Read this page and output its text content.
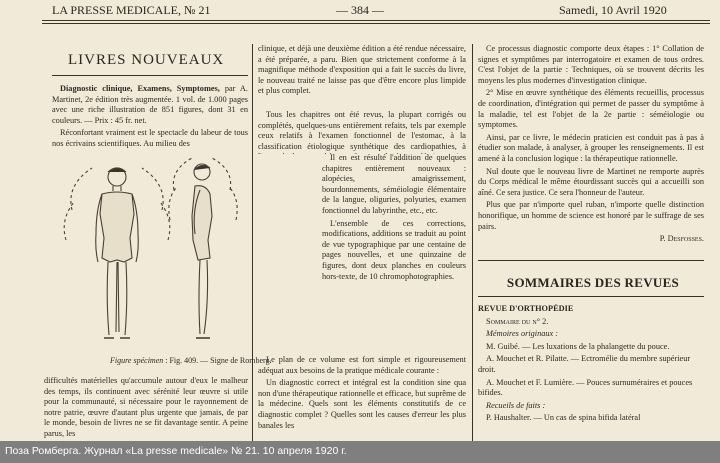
LA PRESSE MEDICALE, № 21	— 384 —	Samedi, 10 Avril 1920
LIVRES NOUVEAUX

Diagnostic clinique, Examens, Symptomes, par A. Martinet, 2e édition très augmentée. 1 vol. de 1.000 pages avec une riche illustration de 851 figures, dont 31 en couleurs. — Prix : 45 fr. net.

Réconfortant vraiment est le spectacle du labeur de tous nos écrivains scientifiques. Au milieu des

Figure spécimen : Fig. 409. — Signe de Romberg.
difficultés matérielles qu'accumule autour d'eux le malheur des temps, ils continuent avec sérénité leur œuvre si utile pour la communauté, si nécessaire pour le rayonnement de notre patrie, œuvre d'autant plus urgente que jamais, de par le monde, besoin de livres ne se fit davantage sentir. A peine parus, les

clinique, et déjà une deuxième édition a été rendue nécessaire, a été préparée, a paru. Bien que strictement conforme à la magnifique méthode d'exposition qui a fait le succès du livre, le nouveau traité ne laisse pas que d'être encore plus limpide et plus complet.

Tous les chapitres ont été revus, la plupart corrigés ou complétés, quelques-uns entièrement refaits, tels par exemple ceux relatifs à l'examen fonctionnel de l'estomac, à la classification étiologique synthétique des cardiopathies, à

Il en est résulté l'addition de quelques chapitres entièrement nouveaux : alopécies, amaigrissement, bourdonnements, séméiologie élémentaire de la langue, oliguries, polyuries, examen fonctionnel du labyrinthe, etc., etc.

L'ensemble de ces corrections, modifications, additions se traduit au point de vue typographique par une centaine de pages nouvelles, et une quinzaine de figures, dont deux planches en couleurs hors-texte, de 10 chromophotographies.

Le plan de ce volume est fort simple et rigoureusement adéquat aux besoins de la pratique médicale courante :

Un diagnostic correct et intégral est la condition sine qua non d'une thérapeutique rationnelle et efficace, but suprême de la médecine. Quels sont les éléments constitutifs de ce diagnostic complet ? Quelles sont les causes d'erreur les plus banales les

Ce processus diagnostic comporte deux étapes : 1° Collation de signes et symptômes par interrogatoire et examen de tous ordres. C'est l'objet de la partie : Techniques, où se trouvent décrits les moyens les plus modernes d'investigation clinique.

2° Mise en œuvre synthétique des éléments recueillis, processus de coordination, d'intégration qui permet de passer du symptôme à la maladie, tel est l'objet de la 2e partie : séméiologie ou symptomes.

Ainsi, par ce livre, le médecin praticien est conduit pas à pas à étudier son malade, à analyser, à grouper les renseignements. Il est amené à la conclusion logique : la thérapeutique rationnelle.

Nul doute que le nouveau livre de Martinet ne remporte auprès du Corps médical le même étourdissant succès qui a accueilli son aîné. Ce sera justice. Ce sera l'honneur de l'auteur.

Plus que par n'importe quel ruban, n'importe quelle distinction honorifique, un homme de science est honoré par le suffrage de ses pairs.

P. Desfosses.

SOMMAIRES DES REVUES

REVUE D'ORTHOPÉDIE

Sommaire du n° 2.

Mémoires originaux :

M. Guibé. — Les luxations de la phalangette du pouce.

A. Mouchet et R. Pilatte. — Ectromélie du membre supérieur droit.

A. Mouchet et F. Lumière. — Pouces surnuméraires et pouces bifides.

Recueils de faits :

P. Haushalter. — Un cas de spina bifida latéral

Поза Ромберга. Журнал «La presse medicale» № 21. 10 апреля 1920 г.
